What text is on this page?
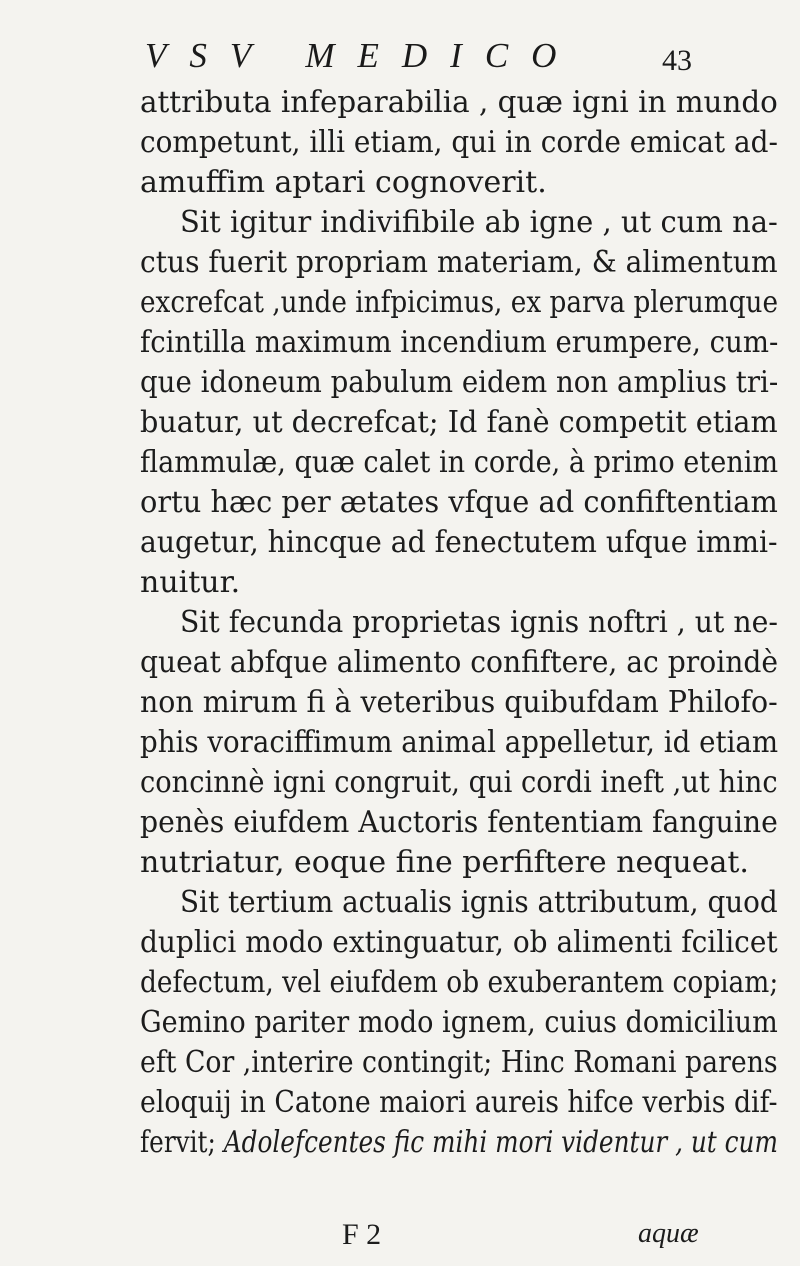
VSV MEDICO	43
attributa infeparabilia , quæ igni in mundo
competunt, illi etiam, qui in corde emicat ad-
amuffim aptari cognoverit.
Sit igitur indivifibile ab igne , ut cum na-
ctus fuerit propriam materiam, & alimentum
excrefcat ,unde infpicimus, ex parva plerumque
fcintilla maximum incendium erumpere, cum-
que idoneum pabulum eidem non amplius tri-
buatur, ut decrefcat; Id fanè competit etiam
flammulæ, quæ calet in corde, à primo etenim
ortu hæc per ætates vfque ad confiftentiam
augetur, hincque ad fenectutem ufque immi-
nuitur.
Sit fecunda proprietas ignis noftri , ut ne-
queat abfque alimento confiftere, ac proindè
non mirum fi à veteribus quibufdam Philofo-
phis voraciffimum animal appelletur, id etiam
concinnè igni congruit, qui cordi ineft ,ut hinc
penès eiufdem Auctoris fententiam fanguine
nutriatur, eoque fine perfiftere nequeat.
Sit tertium actualis ignis attributum, quod
duplici modo extinguatur, ob alimenti fcilicet
defectum, vel eiufdem ob exuberantem copiam;
Gemino pariter modo ignem, cuius domicilium
eft Cor ,interire contingit; Hinc Romani parens
eloquij in Catone maiori aureis hifce verbis dif-
fervit; Adolefcentes fic mihi mori videntur , ut cum
F 2	aquæ
